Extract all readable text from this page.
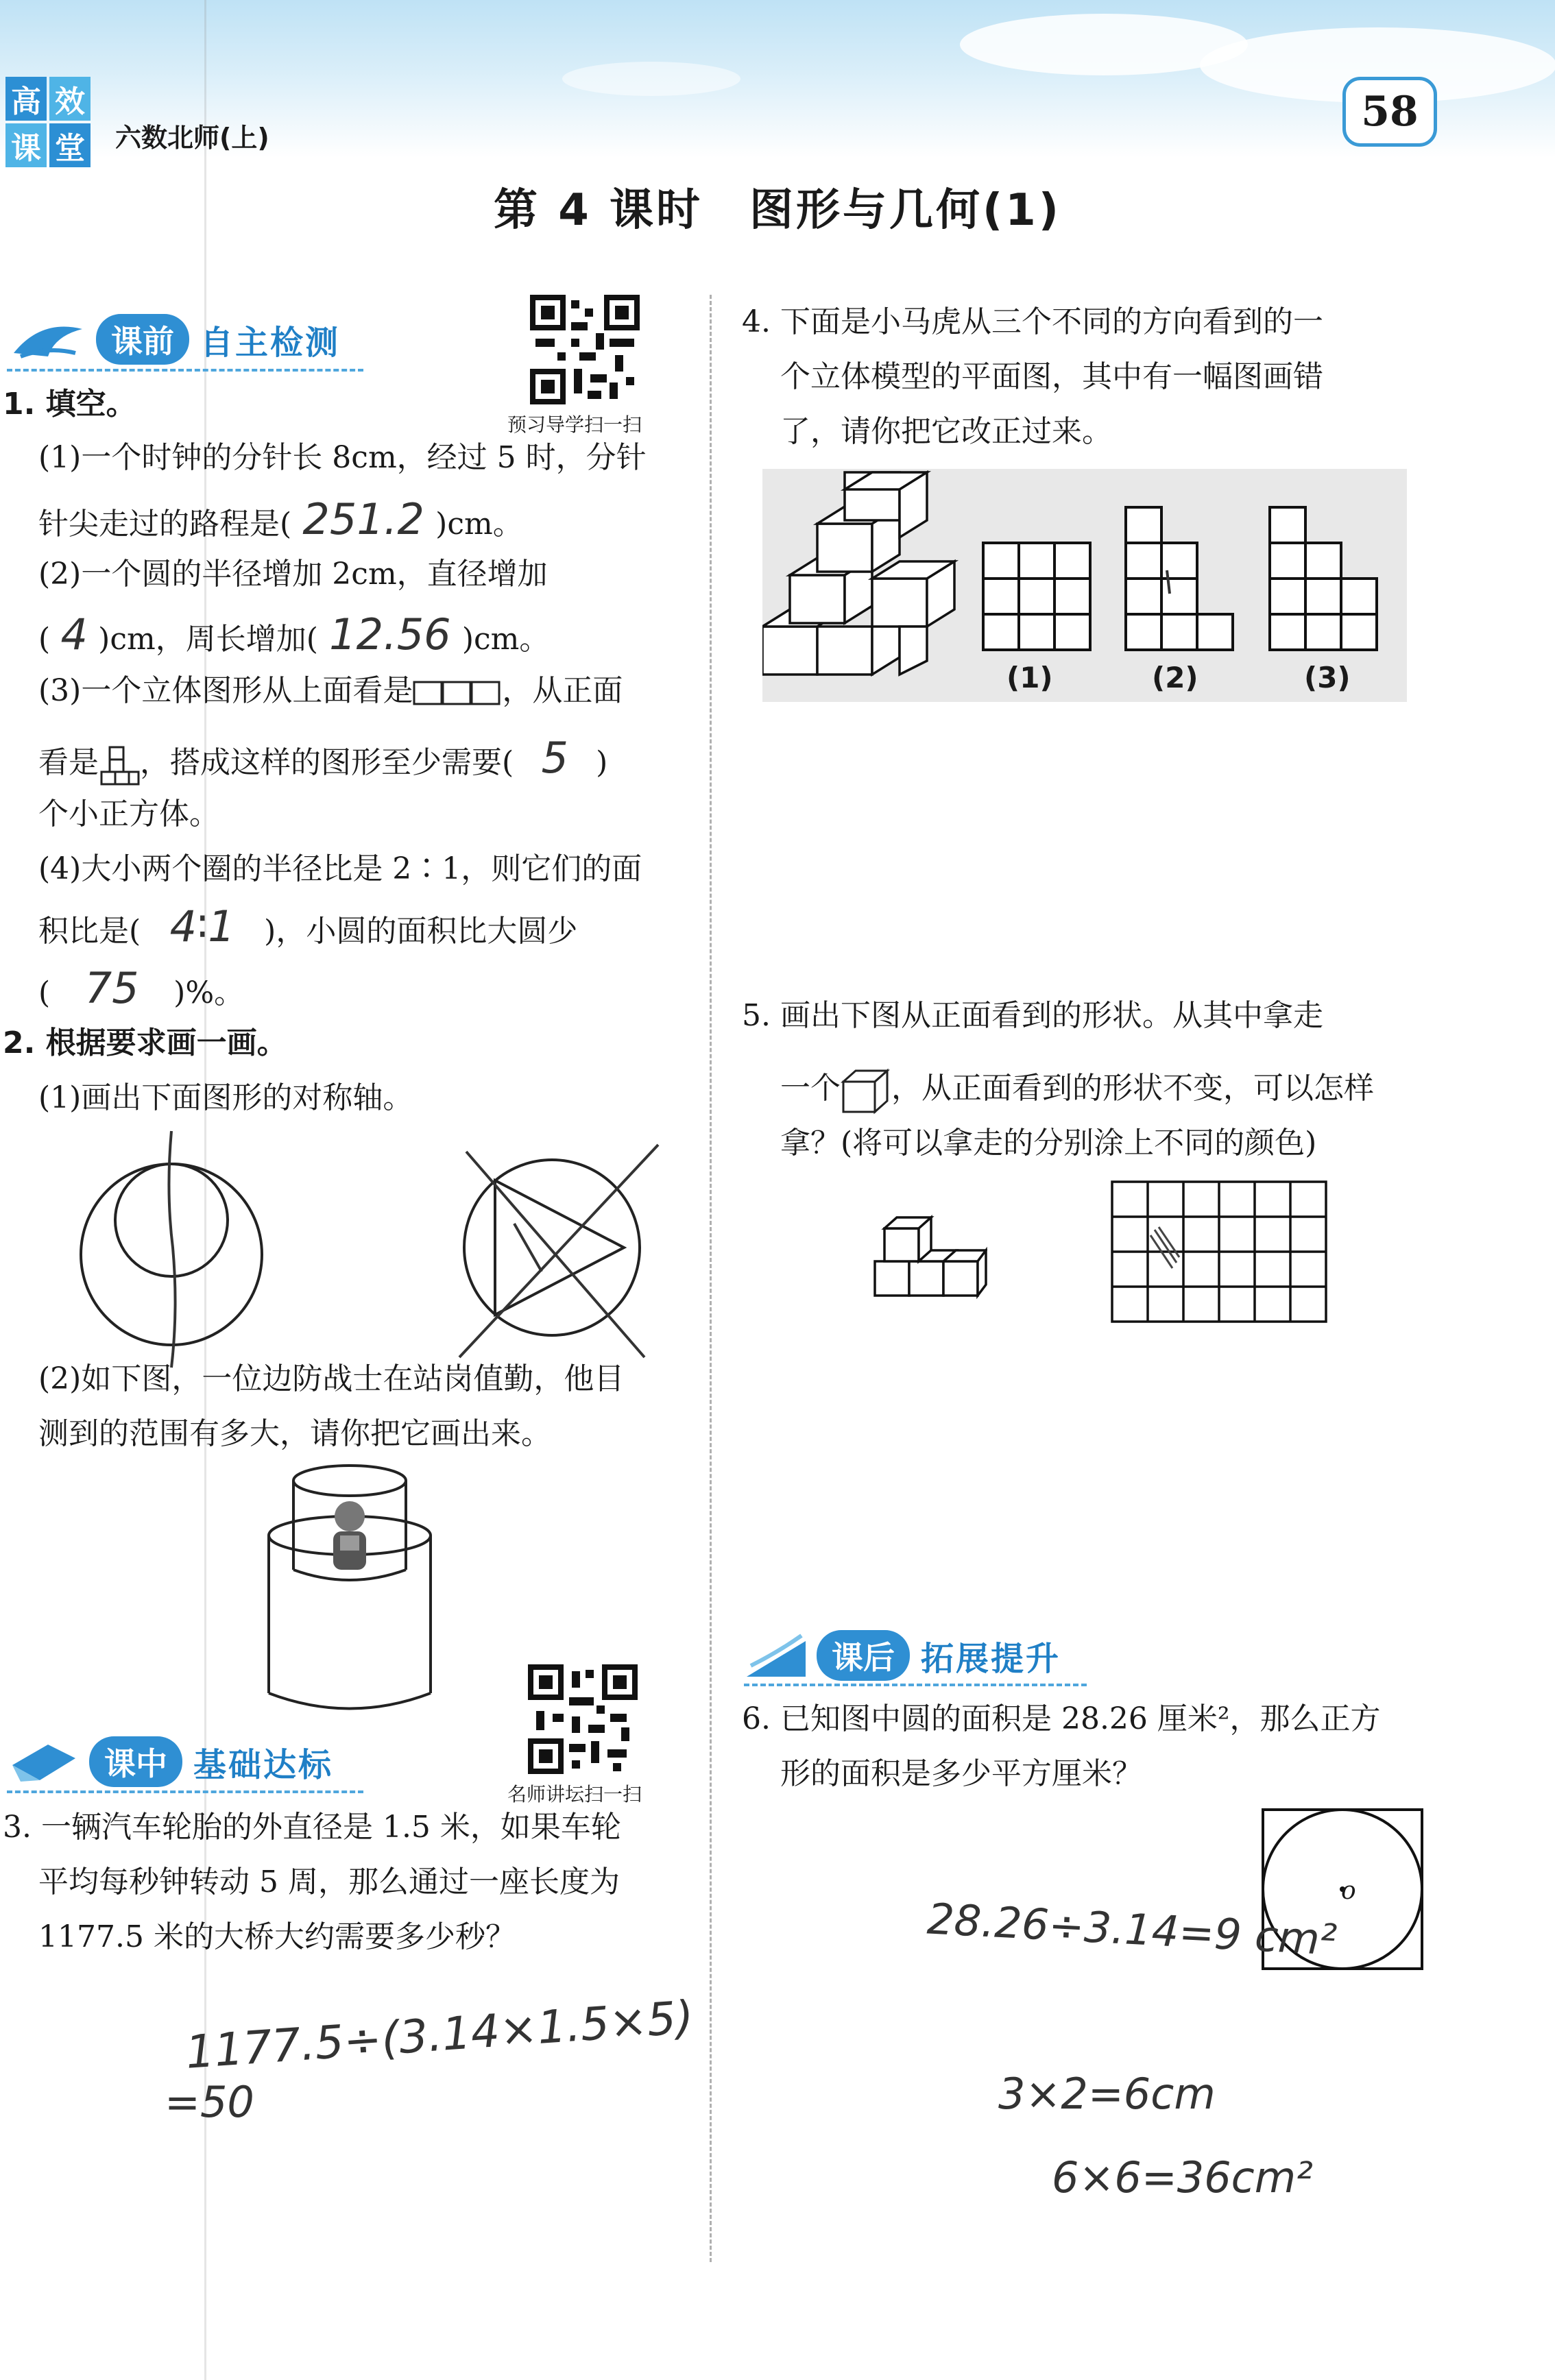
高 效
课 堂 六数北师(上)
58
第 4 课时　图形与几何(1)
课前 自主检测
预习导学扫一扫
1. 填空。
(1)一个时钟的分针长 8cm，经过 5 时，分针
针尖走过的路程是( 251.2 )cm。
(2)一个圆的半径增加 2cm，直径增加
( 4 )cm，周长增加( 12.56 )cm。
(3)一个立体图形从上面看是	，从正面
看是 ，搭成这样的图形至少需要( 5 )
个小正方体。
(4)大小两个圈的半径比是 2∶1，则它们的面
积比是( 4∶1 )，小圆的面积比大圆少
( 75 )%。
2. 根据要求画一画。
(1)画出下面图形的对称轴。
(2)如下图，一位边防战士在站岗值勤，他目
测到的范围有多大，请你把它画出来。
名师讲坛扫一扫
课中 基础达标
3. 一辆汽车轮胎的外直径是 1.5 米，如果车轮
平均每秒钟转动 5 周，那么通过一座长度为
1177.5 米的大桥大约需要多少秒？
1177.5÷(3.14×1.5×5)
=50
4. 下面是小马虎从三个不同的方向看到的一
个立体模型的平面图，其中有一幅图画错
了，请你把它改正过来。
(1)	(2)	(3)
5. 画出下图从正面看到的形状。从其中拿走
一个 ，从正面看到的形状不变，可以怎样
拿？(将可以拿走的分别涂上不同的颜色)
课后 拓展提升
6. 已知图中圆的面积是 28.26 厘米²，那么正方
形的面积是多少平方厘米？
o
28.26÷3.14=9 cm²
3×2=6cm
6×6=36cm²
